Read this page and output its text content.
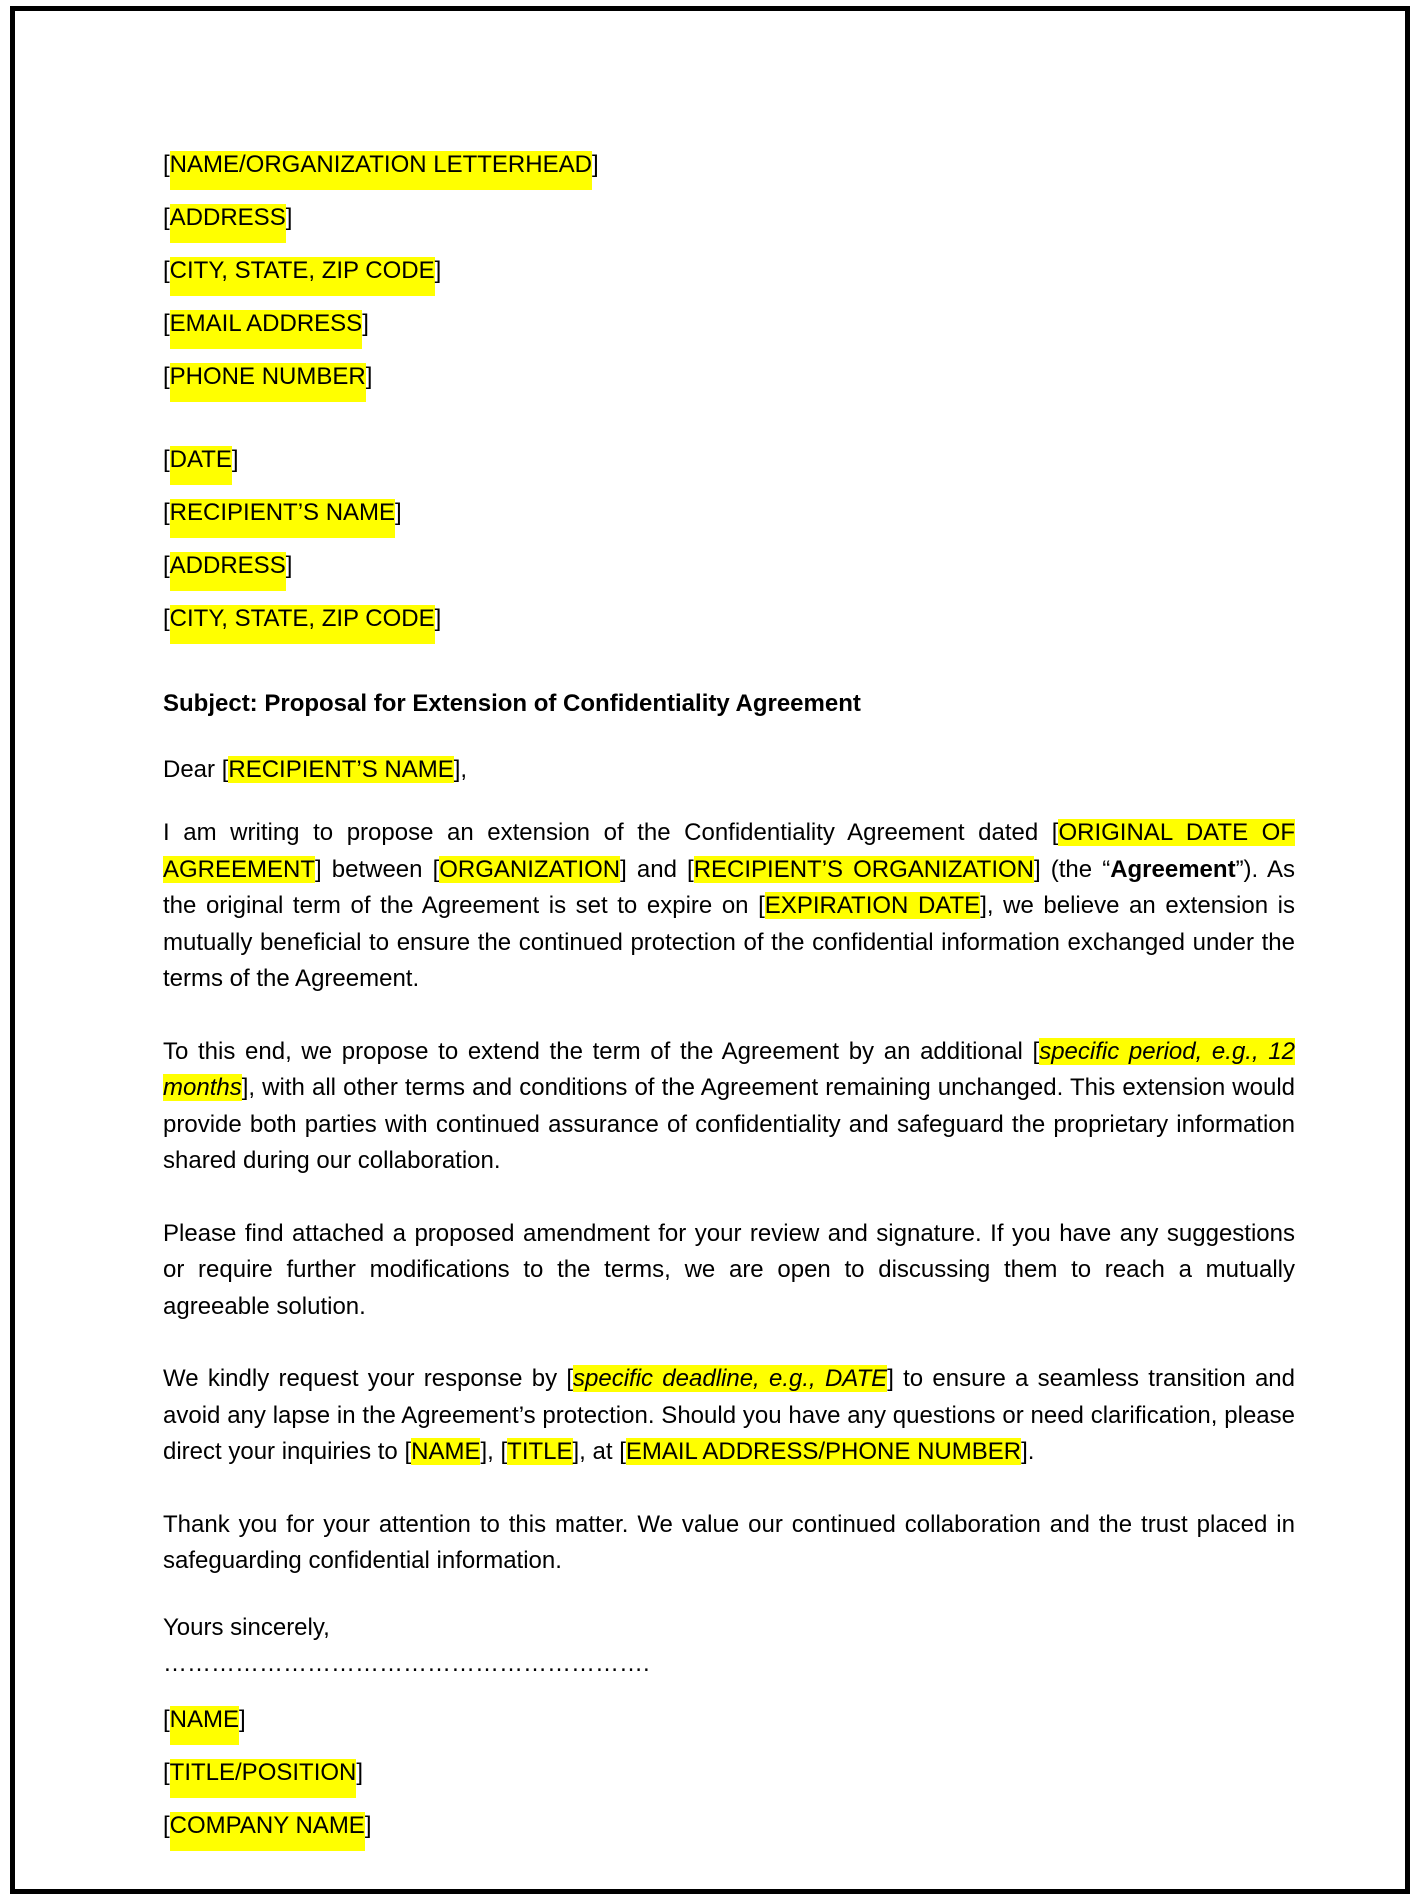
[NAME/ORGANIZATION LETTERHEAD]
[ADDRESS]
[CITY, STATE, ZIP CODE]
[EMAIL ADDRESS]
[PHONE NUMBER]
[DATE]
[RECIPIENT’S NAME]
[ADDRESS]
[CITY, STATE, ZIP CODE]
Subject: Proposal for Extension of Confidentiality Agreement
Dear [RECIPIENT’S NAME],

I am writing to propose an extension of the Confidentiality Agreement dated [ORIGINAL DATE OF AGREEMENT] between [ORGANIZATION] and [RECIPIENT’S ORGANIZATION] (the “Agreement”). As the original term of the Agreement is set to expire on [EXPIRATION DATE], we believe an extension is mutually beneficial to ensure the continued protection of the confidential information exchanged under the terms of the Agreement.

To this end, we propose to extend the term of the Agreement by an additional [specific period, e.g., 12 months], with all other terms and conditions of the Agreement remaining unchanged. This extension would provide both parties with continued assurance of confidentiality and safeguard the proprietary information shared during our collaboration.

Please find attached a proposed amendment for your review and signature. If you have any suggestions or require further modifications to the terms, we are open to discussing them to reach a mutually agreeable solution.

We kindly request your response by [specific deadline, e.g., DATE] to ensure a seamless transition and avoid any lapse in the Agreement’s protection. Should you have any questions or need clarification, please direct your inquiries to [NAME], [TITLE], at [EMAIL ADDRESS/PHONE NUMBER].

Thank you for your attention to this matter. We value our continued collaboration and the trust placed in safeguarding confidential information.

Yours sincerely,
…………………………………………………….
[NAME]
[TITLE/POSITION]
[COMPANY NAME]
